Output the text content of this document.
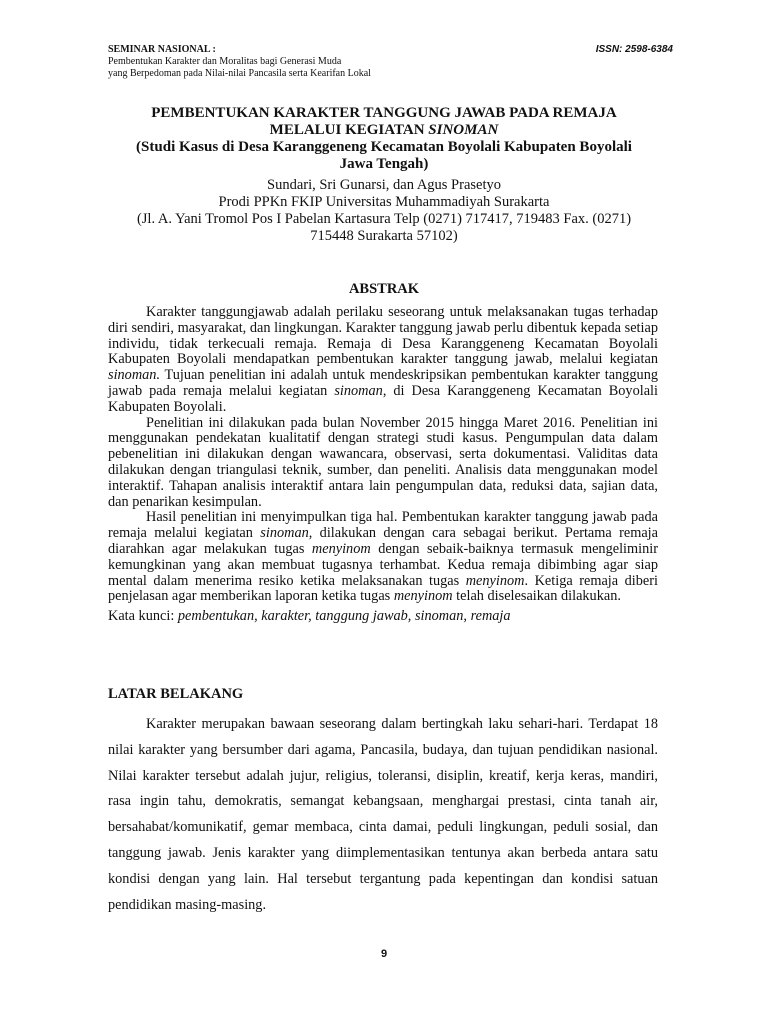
SEMINAR NASIONAL :	ISSN: 2598-6384
Pembentukan Karakter dan Moralitas bagi Generasi Muda
yang Berpedoman pada Nilai-nilai Pancasila serta Kearifan Lokal
PEMBENTUKAN KARAKTER TANGGUNG JAWAB PADA REMAJA
MELALUI KEGIATAN SINOMAN
(Studi Kasus di Desa Karanggeneng Kecamatan Boyolali Kabupaten Boyolali
Jawa Tengah)
Sundari, Sri Gunarsi, dan Agus Prasetyo
Prodi PPKn FKIP Universitas Muhammadiyah Surakarta
(Jl. A. Yani Tromol Pos I Pabelan Kartasura Telp (0271) 717417, 719483 Fax. (0271)
715448 Surakarta 57102)
ABSTRAK

Karakter tanggungjawab adalah perilaku seseorang untuk melaksanakan tugas terhadap diri sendiri, masyarakat, dan lingkungan. Karakter tanggung jawab perlu dibentuk kepada setiap individu, tidak terkecuali remaja. Remaja di Desa Karanggeneng Kecamatan Boyolali Kabupaten Boyolali mendapatkan pembentukan karakter tanggung jawab, melalui kegiatan sinoman. Tujuan penelitian ini adalah untuk mendeskripsikan pembentukan karakter tanggung jawab pada remaja melalui kegiatan sinoman, di Desa Karanggeneng Kecamatan Boyolali Kabupaten Boyolali.

Penelitian ini dilakukan pada bulan November 2015 hingga Maret 2016. Penelitian ini menggunakan pendekatan kualitatif dengan strategi studi kasus. Pengumpulan data dalam pebenelitian ini dilakukan dengan wawancara, observasi, serta dokumentasi. Validitas data dilakukan dengan triangulasi teknik, sumber, dan peneliti. Analisis data menggunakan model interaktif. Tahapan analisis interaktif antara lain pengumpulan data, reduksi data, sajian data, dan penarikan kesimpulan.

Hasil penelitian ini menyimpulkan tiga hal. Pembentukan karakter tanggung jawab pada remaja melalui kegiatan sinoman, dilakukan dengan cara sebagai berikut. Pertama remaja diarahkan agar melakukan tugas menyinom dengan sebaik-baiknya termasuk mengeliminir kemungkinan yang akan membuat tugasnya terhambat. Kedua remaja dibimbing agar siap mental dalam menerima resiko ketika melaksanakan tugas menyinom. Ketiga remaja diberi penjelasan agar memberikan laporan ketika tugas menyinom telah diselesaikan dilakukan.

Kata kunci: pembentukan, karakter, tanggung jawab, sinoman, remaja

LATAR BELAKANG

Karakter merupakan bawaan seseorang dalam bertingkah laku sehari-hari. Terdapat 18 nilai karakter yang bersumber dari agama, Pancasila, budaya, dan tujuan pendidikan nasional. Nilai karakter tersebut adalah jujur, religius, toleransi, disiplin, kreatif, kerja keras, mandiri, rasa ingin tahu, demokratis, semangat kebangsaan, menghargai prestasi, cinta tanah air, bersahabat/komunikatif, gemar membaca, cinta damai, peduli lingkungan, peduli sosial, dan tanggung jawab. Jenis karakter yang diimplementasikan tentunya akan berbeda antara satu kondisi dengan yang lain. Hal tersebut tergantung pada kepentingan dan kondisi satuan pendidikan masing-masing.

9
